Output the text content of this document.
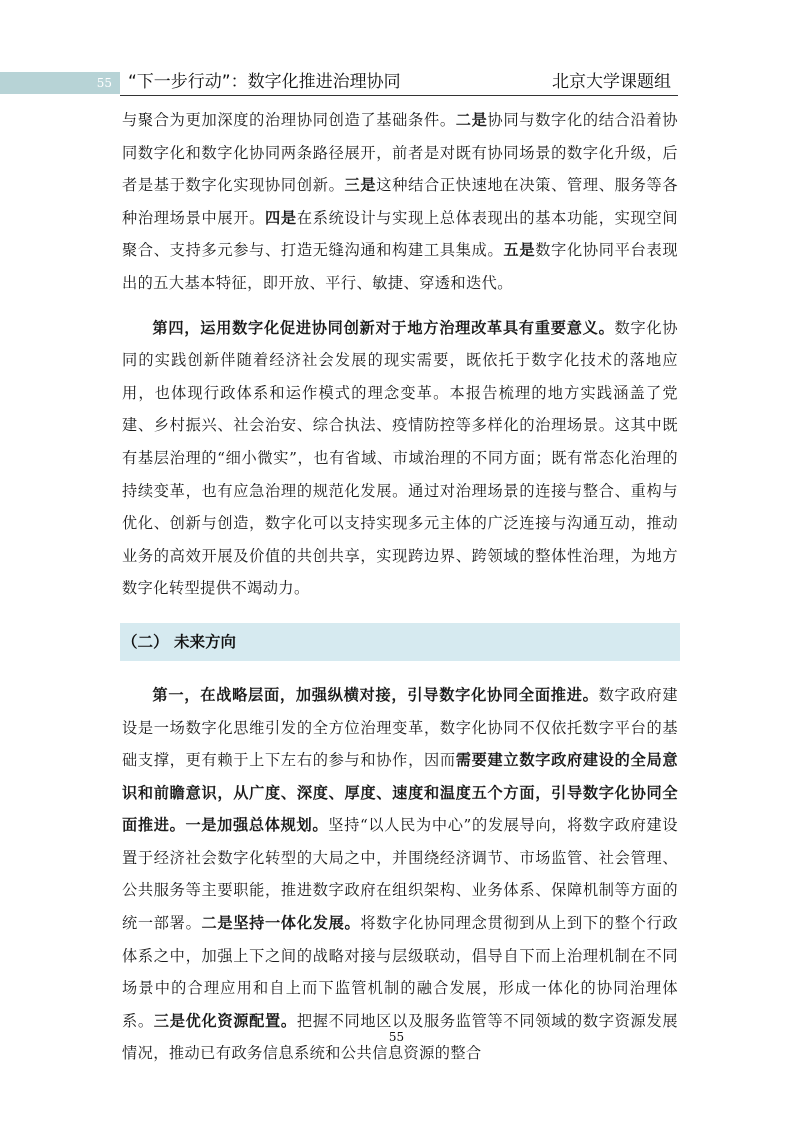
55 “下一步行动”：数字化推进治理协同	北京大学课题组

与聚合为更加深度的治理协同创造了基础条件。二是协同与数字化的结合沿着协同数字化和数字化协同两条路径展开，前者是对既有协同场景的数字化升级，后者是基于数字化实现协同创新。三是这种结合正快速地在决策、管理、服务等各种治理场景中展开。四是在系统设计与实现上总体表现出的基本功能，实现空间聚合、支持多元参与、打造无缝沟通和构建工具集成。五是数字化协同平台表现出的五大基本特征，即开放、平行、敏捷、穿透和迭代。

第四，运用数字化促进协同创新对于地方治理改革具有重要意义。数字化协同的实践创新伴随着经济社会发展的现实需要，既依托于数字化技术的落地应用，也体现行政体系和运作模式的理念变革。本报告梳理的地方实践涵盖了党建、乡村振兴、社会治安、综合执法、疫情防控等多样化的治理场景。这其中既有基层治理的“细小微实”，也有省域、市域治理的不同方面；既有常态化治理的持续变革，也有应急治理的规范化发展。通过对治理场景的连接与整合、重构与优化、创新与创造，数字化可以支持实现多元主体的广泛连接与沟通互动，推动业务的高效开展及价值的共创共享，实现跨边界、跨领域的整体性治理，为地方数字化转型提供不竭动力。

（二） 未来方向

第一，在战略层面，加强纵横对接，引导数字化协同全面推进。数字政府建设是一场数字化思维引发的全方位治理变革，数字化协同不仅依托数字平台的基础支撑，更有赖于上下左右的参与和协作，因而需要建立数字政府建设的全局意识和前瞻意识，从广度、深度、厚度、速度和温度五个方面，引导数字化协同全面推进。一是加强总体规划。坚持“以人民为中心”的发展导向，将数字政府建设置于经济社会数字化转型的大局之中，并围绕经济调节、市场监管、社会管理、公共服务等主要职能，推进数字政府在组织架构、业务体系、保障机制等方面的统一部署。二是坚持一体化发展。将数字化协同理念贯彻到从上到下的整个行政体系之中，加强上下之间的战略对接与层级联动，倡导自下而上治理机制在不同场景中的合理应用和自上而下监管机制的融合发展，形成一体化的协同治理体系。三是优化资源配置。把握不同地区以及服务监管等不同领域的数字资源发展情况，推动已有政务信息系统和公共信息资源的整合

55
